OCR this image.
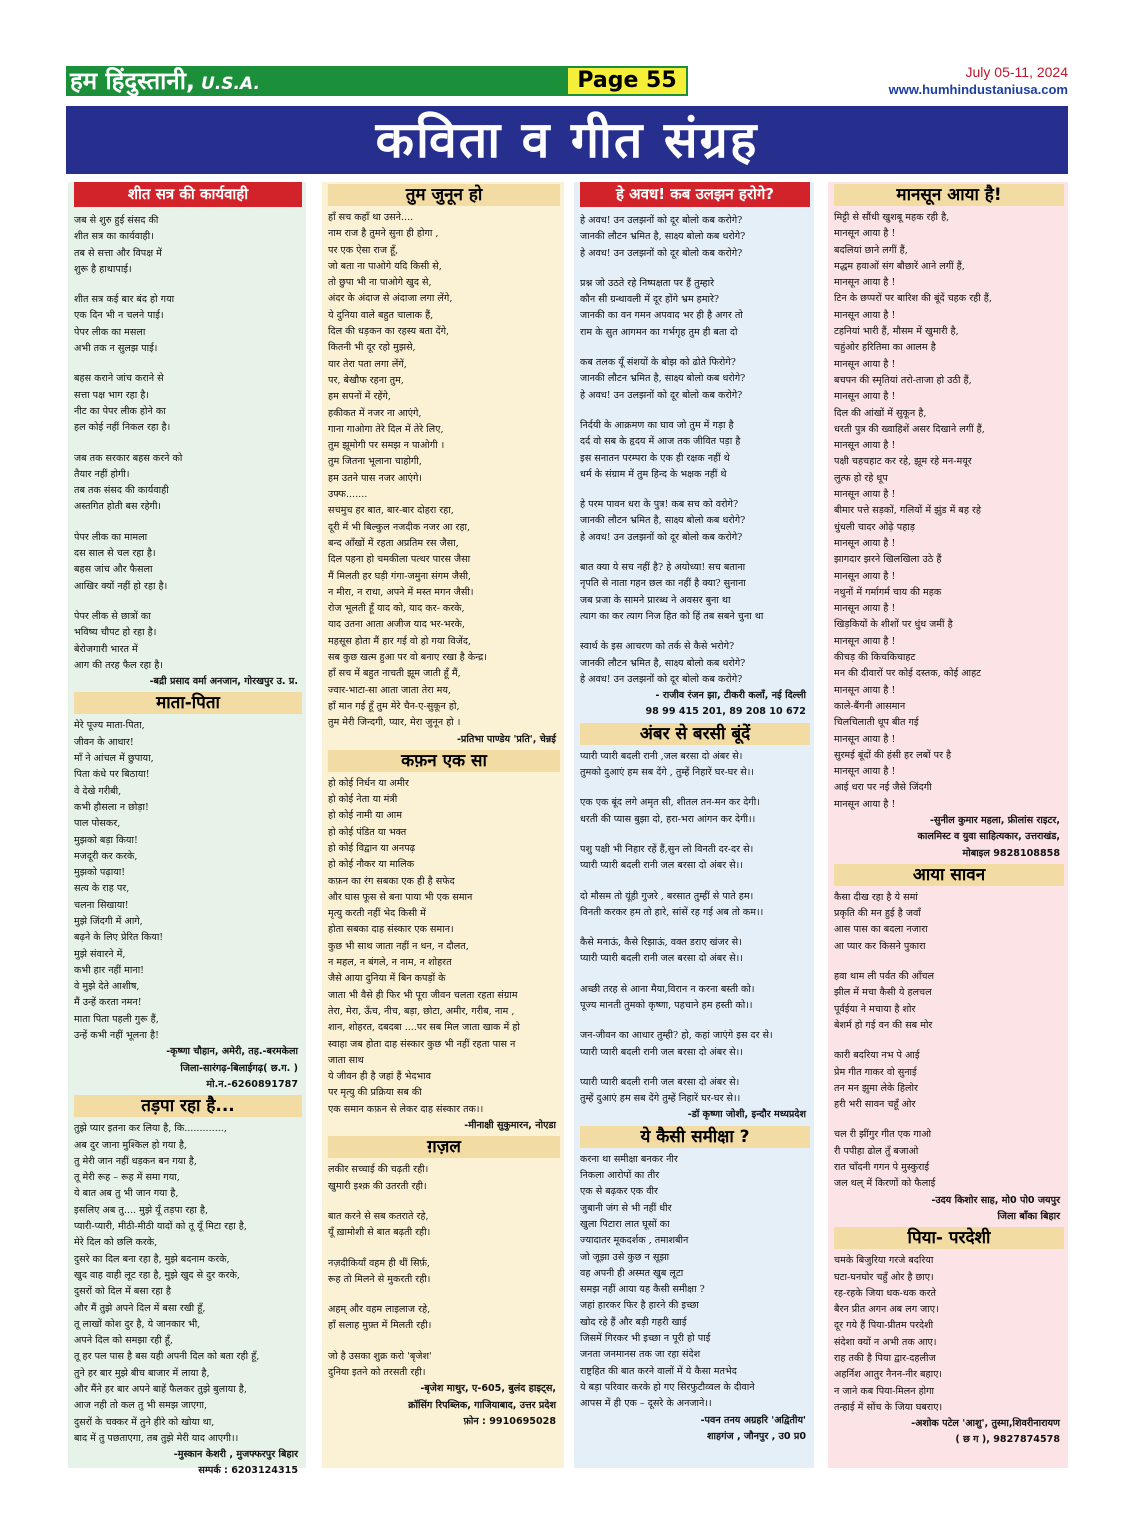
हम हिंदुस्तानी, U.S.A.	Page 55	July 05-11, 2024
www.humhindustaniusa.com
कविता व गीत संग्रह
शीत सत्र की कार्यवाही
जब से शुरु हुई संसद की
शीत सत्र का कार्यवाही।
तब से सत्ता और विपक्ष में
शुरू है हाथापाई।
शीत सत्र कई बार बंद हो गया
एक दिन भी न चलने पाई।
पेपर लीक का मसला
अभी तक न सुलझ पाई।
बहस कराने जांच कराने से
सत्ता पक्ष भाग रहा है।
नीट का पेपर लीक होने का
हल कोई नहीं निकल रहा है।
जब तक सरकार बहस करने को
तैयार नहीं होगी।
तब तक संसद की कार्यवाही
अस्तगित होती बस रहेगी।
पेपर लीक का मामला
दस साल से चल रहा है।
बहस जांच और फैसला
आखिर क्यों नहीं हो रहा है।
पेपर लीक से छात्रों का
भविष्य चौपट हो रहा है।
बेरोजगारी भारत में
आग की तरह फैल रहा है।
-बद्री प्रसाद वर्मा अनजान, गोरखपुर उ. प्र.
माता-पिता
मेरे पूज्य माता-पिता,
जीवन के आधार!
माँ ने आंचल में छुपाया,
पिता कंधे पर बिठाया!
वे देखे गरीबी,
कभी हौसला न छोड़ा!
पाल पोसकर,
मुझको बड़ा किया!
मजदूरी कर करके,
मुझको पढ़ाया!
सत्य के राह पर,
चलना सिखाया!
मुझे जिंदगी में आगे,
बढ़ने के लिए प्रेरित किया!
मुझे संवारने में,
कभी हार नहीं माना!
वे मुझे देते आशीष,
मैं उन्हें करता नमन!
माता पिता पहली गुरू हैं,
उन्हें कभी नहीं भूलना है!
-कृष्णा चौहान, अमेरी, तह.-बरमकेला
जिला-सारंगढ़-बिलाईगढ़( छ.ग. )
मो.न.-6260891787
तड़पा रहा है...
तुझे प्यार इतना कर लिया है, कि.............,
अब दुर जाना मुश्किल हो गया है,
तु मेरी जान नहीं धड़कन बन गया है,
तू मेरी रूह – रूह में समा गया,
ये बात अब तु भी जान गया है,
इसलिए अब तु.... मुझे यूँ तड़पा रहा है,
प्यारी-प्यारी, मीठी-मीठी यादों को तू यूँ मिटा रहा है,
मेरे दिल को छलि करके,
दुसरे का दिल बना रहा है, मुझे बदनाम करके,
खुद वाह वाही लूट रहा है, मुझे खुद से दुर करके,
दुसरों को दिल में बसा रहा है
और मैं तुझे अपने दिल में बसा रखी हूँ,
तू लाखों कोश दुर है, ये जानकार भी,
अपने दिल को समझा रही हूँ,
तू हर पल पास है बस यही अपनी दिल को बता रही हूँ,
तुने हर बार मुझे बीच बाजार में लाया है,
और मैंने हर बार अपने बाहें फैलकर तुझे बुलाया है,
आज नही तो कल तु भी समझ जाएगा,
दुसरों के चक्कर में तुने हीरे को खोया था,
बाद में तु पछताएगा, तब तुझे मेरी याद आएगी।।
-मुस्कान केशरी , मुजफ्फरपुर बिहार
सम्पर्क : 6203124315
तुम जुनून हो
हाँ सच कहाँ था उसने....
नाम राज है तुमने सुना ही होगा ,
पर एक ऐसा राज हूँ,
जो बता ना पाओगे यदि किसी से,
तो छुपा भी ना पाओगे खुद से,
अंदर के अंदाज से अंदाजा लगा लेंगे,
ये दुनिया वाले बहुत चालाक हैं,
दिल की धड़कन का रहस्य बता देंगे,
कितनी भी दूर रहो मुझसे,
यार तेरा पता लगा लेंगें,
पर, बेखौफ रहना तुम,
हम सपनों में रहेंगे,
हकीकत में नजर ना आएंगे,
गाना गाओगा तेरे दिल में तेरे लिए,
तुम झूमोगी पर समझ न पाओगी ।
तुम जितना भूलाना चाहोगी,
हम उतने पास नजर आएंगे।
उफ्फ.......
सचमुच हर बात, बार-बार दोहरा रहा,
दूरी में भी बिल्कुल नजदीक नजर आ रहा,
बन्द आँखों में रहता अप्रतिम रस जैसा,
दिल पहना हो चमकीला पत्थर पारस जैसा
मैं मिलती हर घड़ी गंगा-जमुना संगम जैसी,
न मीरा, न राधा, अपने में मस्त मगन जैसी।
रोज भूलती हूँ याद को, याद कर- करके,
याद उतना आता अजीज याद भर-भरके,
महसूस होता मैं हार गई वो हो गया विजेंद,
सब कुछ खत्म हुआ पर वो बनाए रखा है केन्द्र।
हाँ सच में बहुत नाचती झूम जाती हूँ मैं,
ज्वार-भाटा-सा आता जाता तेरा मय,
हाँ मान गई हूँ तुम मेरे चैन-ए-सुकून हो,
तुम मेरी जिन्दगी, प्यार, मेरा जुनून हो ।
-प्रतिभा पाण्डेय 'प्रति', चेन्नई
कफ़न एक सा
हो कोई निर्धन या अमीर
हो कोई नेता या मंत्री
हो कोई नामी या आम
हो कोई पंडित या भक्त
हो कोई विद्वान या अनपढ़
हो कोई नौकर या मालिक
कफ़न का रंग सबका एक ही है सफेद
और घास फूस से बना पाया भी एक समान
मृत्यु करती नहीं भेद किसी में
होता सबका दाह संस्कार एक समान।
कुछ भी साथ जाता नहीं न धन, न दौलत,
न महल, न बंगले, न नाम, न शोहरत
जैसे आया दुनिया में बिन कपड़ों के
जाता भी वैसे ही फिर भी पूरा जीवन चलता रहता संग्राम
तेरा, मेरा, ऊँच, नीच, बड़ा, छोटा, अमीर, गरीब, नाम ,
शान, शोहरत, दबदबा ....पर सब मिल जाता खाक में हो
स्वाहा जब होता दाह संस्कार कुछ भी नहीं रहता पास न
जाता साथ
ये जीवन ही है जहां हैं भेदभाव
पर मृत्यु की प्रक्रिया सब की
एक समान कफ़न से लेकर दाह संस्कार तक।।
-मीनाक्षी सुकुमारन, नोएडा
ग़ज़ल
लकीर सच्चाई की चढ़ती रही।
खुमारी इश्क़ की उतरती रही।
बात करने से सब कतराते रहे,
यूँ ख़ामोशी से बात बढ़ती रही।
नज़दीकियाँ वहम ही थीं सिर्फ़,
रूह तो मिलने से मुकरती रही।
अहम् और वहम लाइलाज रहे,
हाँ सलाह मुफ़्त में मिलती रही।
जो है उसका शुक्र करो 'बृजेश'
दुनिया इतने को तरसती रही।
-बृजेश माथुर, ए-605, बुलंद हाइट्स,
क्रॉसिंग रिपब्लिक, गाजियाबाद, उत्तर प्रदेश
फ़ोन : 9910695028
हे अवध! कब उलझन हरोगे?
हे अवध! उन उलझनों को दूर बोलो कब करोगे?
जानकी लौटन भ्रमित है, साक्ष्य बोलो कब धरोगे?
हे अवध! उन उलझनों को दूर बोलो कब करोगे?
प्रश्न जो उठते रहे निष्पक्षता पर हैं तुम्हारे
कौन सी ग्रन्थावली में दूर होंगे भ्रम हमारे?
जानकी का वन गमन अपवाद भर ही है अगर तो
राम के सुत आगमन का गर्भगृह तुम ही बता दो
कब तलक यूँ संशयों के बोझ को ढोते फिरोगे?
जानकी लौटन भ्रमित है, साक्ष्य बोलो कब धरोगे?
हे अवध! उन उलझनों को दूर बोलो कब करोगे?
निर्दयी के आक्रमण का घाव जो तुम में गड़ा है
दर्द वो सब के हृदय में आज तक जीवित पड़ा है
इस सनातन परम्परा के एक ही रक्षक नहीं थे
धर्म के संग्राम में तुम हिन्द के भक्षक नहीं थे
हे परम पावन धरा के पुत्र! कब सच को वरोगे?
जानकी लौटन भ्रमित है, साक्ष्य बोलो कब धरोगे?
हे अवध! उन उलझनों को दूर बोलो कब करोगे?
बात क्या ये सच नहीं है? हे अयोध्या! सच बताना
नृपति से नाता गहन छल का नहीं है क्या? सुनाना
जब प्रजा के सामने प्रारब्ध ने अवसर बुना था
त्याग का कर त्याग निज हित को हिं तब सबने चुना था
स्वार्थ के इस आचरण को तर्क से कैसे भरोगे?
जानकी लौटन भ्रमित है, साक्ष्य बोलो कब धरोगे?
हे अवध! उन उलझनों को दूर बोलो कब करोगे?
- राजीव रंजन झा, टीकरी कलाँ, नई दिल्ली
98 99 415 201, 89 208 10 672
अंबर से बरसी बूंदें
प्यारी प्यारी बदली रानी ,जल बरसा दो अंबर से।
तुमको दुआएं हम सब देंगे , तुम्हें निहारें घर-घर से।।
एक एक बूंद लगे अमृत सी, शीतल तन-मन कर देगी।
धरती की प्यास बुझा दो, हरा-भरा आंगन कर देगी।।
पशु पक्षी भी निहार रहें हैं,सुन लो विनती दर-दर से।
प्यारी प्यारी बदली रानी जल बरसा दो अंबर से।।
दो मौसम तो यूंही गुजरे , बरसात तुम्हीं से पाते हम।
विनती करकर हम तो हारे, सांसें रह गई अब तो कम।।
कैसे मनाऊं, कैसे रिझाऊं, वक्त डराए खंजर से।
प्यारी प्यारी बदली रानी जल बरसा दो अंबर से।।
अच्छी तरह से आना मैया,विरान न करना बस्ती को।
पूज्य मानती तुमको कृष्णा, पहचाने हम हस्ती को।।
जन-जीवन का आधार तुम्ही? हो, कहां जाएंगे इस दर से।
प्यारी प्यारी बदली रानी जल बरसा दो अंबर से।।
प्यारी प्यारी बदली रानी जल बरसा दो अंबर से।
तुम्हें दुआएं हम सब देंगे तुम्हें निहारें घर-घर से।।
-डॉ कृष्णा जोशी, इन्दौर मध्यप्रदेश
ये कैसी समीक्षा ?
करना था समीक्षा बनकर नीर
निकला आरोपों का तीर
एक से बढ़कर एक वीर
जुबानी जंग से भी नहीं धीर
खुला पिटारा लात घूसों का
ज्यादातर मूकदर्शक , तमाशबीन
जो जूझा उसे कुछ न सूझा
वह अपनी ही अस्मत खुब लूटा
समझ नहीं आया यह कैसी समीक्षा ?
जहां हारकर फिर है हारने की इच्छा
खोद रहे हैं और बड़ी गहरी खाई
जिसमें गिरकर भी इच्छा न पूरी हो पाई
जनता जनमानस तक जा रहा संदेश
राष्ट्रहित की बात करने वालों में ये कैसा मतभेद
ये बड़ा परिवार करके हो गए सिरफुटौव्वल के दीवाने
आपस में ही एक – दूसरे के अनजाने।।
-पवन तनय अग्रहरि 'अद्वितीय'
शाहगंज , जौनपुर , उ0 प्र0
मानसून आया है!
मिट्टी से सौंधी खुशबू महक रही है,
मानसून आया है !
बदलियां छाने लगीं हैं,
मद्धम हवाओं संग बौछारें आने लगीं हैं,
मानसून आया है !
टिन के छप्परों पर बारिश की बूंदें चहक रही हैं,
मानसून आया है !
टहनियां भारी हैं, मौसम में खुमारी है,
चहुंओर हरितिमा का आलम है
मानसून आया है !
बचपन की स्मृतियां तरो-ताजा हो उठी हैं,
मानसून आया है !
दिल की आंखों में सुकून है,
धरती पुत्र की ख्वाहिशें असर दिखाने लगीं हैं,
मानसून आया है !
पक्षी चहचहाट कर रहे, झूम रहे मन-मयूर
लुत्फ हो रहे धूप
मानसून आया है !
बीमार पत्ते सड़कों, गलियों में झुंड में बह रहे
धुंधली चादर ओढ़े पहाड़
मानसून आया है !
झागदार झरने खिलखिला उठे हैं
मानसून आया है !
नथुनों में गर्मागर्म चाय की महक
मानसून आया है !
खिड़कियों के शीशों पर धुंध जमीं है
मानसून आया है !
कीचड़ की किचकिचाहट
मन की दीवारों पर कोई दस्तक, कोई आहट
मानसून आया है !
काले-बैंगनी आसमान
चिलचिलाती धूप बीत गई
मानसून आया है !
सुरमई बूंदों की हंसी हर लबों पर है
मानसून आया है !
आई धरा पर नई जैसे जिंदगी
मानसून आया है !
-सुनील कुमार महला, फ्रीलांस राइटर,
कालमिस्ट व युवा साहित्यकार, उत्तराखंड,
मोबाइल 9828108858
आया सावन
कैसा दीख रहा है ये समां
प्रकृति की मन हुई है जवाँ
आस पास का बदला नजारा
आ प्यार कर किसने पुकारा
हवा थाम ली पर्वत की आँचल
झील में मचा कैसी ये हलचल
पूर्वईया ने मचाया है शोर
बेशर्म हो गई वन की सब मोर
कारी बदरिया नभ पे आई
प्रेम गीत गाकर वो सुनाई
तन मन झुमा लेके हिलोर
हरी भरी सावन चहूँ ओर
चल री झींगुर गीत एक गाओ
री पपीहा ढोल तुँ बजाओ
रात चाँदनी गगन पे मुस्कुराई
जल थल् में किरणों को फैलाई
-उदय किशोर साह, मो0 पो0 जयपुर
जिला बाँका बिहार
पिया- परदेशी
चमके बिजुरिया गरजे बदरिया
घटा-घनघोर चहुँ ओर है छाए।
रह-रहके जिया धक-धक करते
बैरन प्रीत अगन अब लग जाए।
दूर गये हैं पिया-प्रीतम परदेशी
संदेशा क्यों न अभी तक आए।
राह तकी है पिया द्वार-दहलीज
अहर्निश आतुर नैनन-नीर बहाए।
न जाने कब पिया-मिलन होगा
तन्हाई में सोंच के जिया घबराए।
-अशोक पटेल 'आशु', तुस्मा,शिवरीनारायण
( छ ग ), 9827874578
